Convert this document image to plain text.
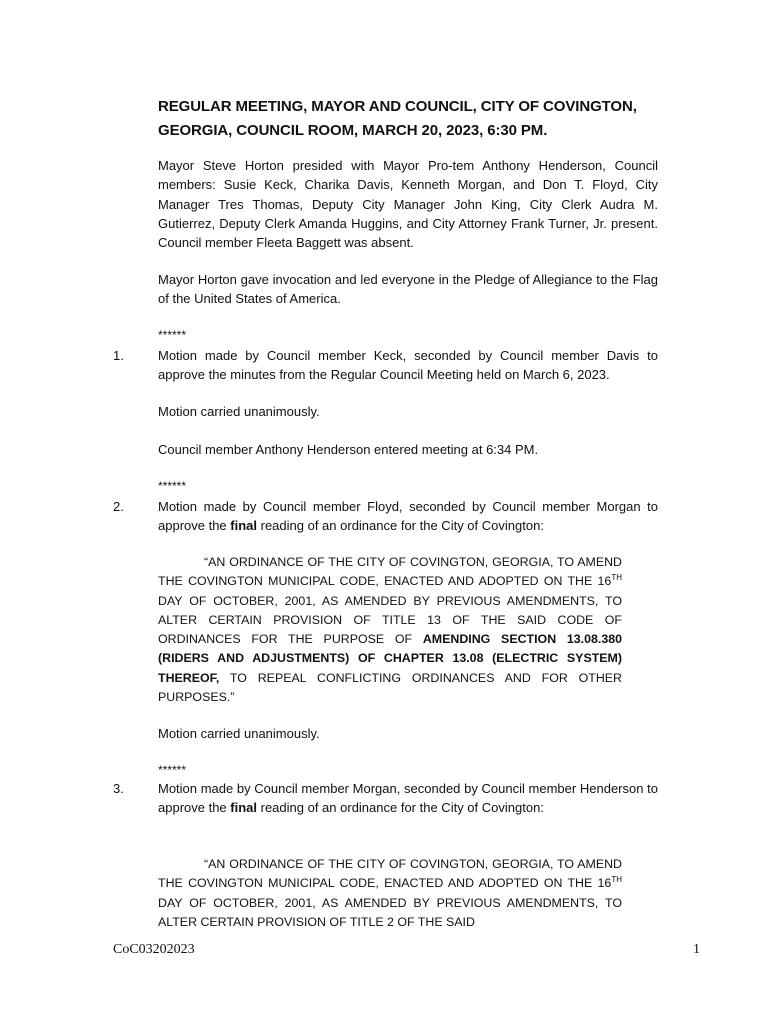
REGULAR MEETING, MAYOR AND COUNCIL, CITY OF COVINGTON, GEORGIA, COUNCIL ROOM, MARCH 20, 2023, 6:30 PM.
Mayor Steve Horton presided with Mayor Pro-tem Anthony Henderson, Council members: Susie Keck, Charika Davis, Kenneth Morgan, and Don T. Floyd, City Manager Tres Thomas, Deputy City Manager John King, City Clerk Audra M. Gutierrez, Deputy Clerk Amanda Huggins, and City Attorney Frank Turner, Jr. present. Council member Fleeta Baggett was absent.
Mayor Horton gave invocation and led everyone in the Pledge of Allegiance to the Flag of the United States of America.
******
1.	Motion made by Council member Keck, seconded by Council member Davis to approve the minutes from the Regular Council Meeting held on March 6, 2023.
Motion carried unanimously.
Council member Anthony Henderson entered meeting at 6:34 PM.
******
2.	Motion made by Council member Floyd, seconded by Council member Morgan to approve the final reading of an ordinance for the City of Covington:
“AN ORDINANCE OF THE CITY OF COVINGTON, GEORGIA, TO AMEND THE COVINGTON MUNICIPAL CODE, ENACTED AND ADOPTED ON THE 16TH DAY OF OCTOBER, 2001, AS AMENDED BY PREVIOUS AMENDMENTS, TO ALTER CERTAIN PROVISION OF TITLE 13 OF THE SAID CODE OF ORDINANCES FOR THE PURPOSE OF AMENDING SECTION 13.08.380 (RIDERS AND ADJUSTMENTS) OF CHAPTER 13.08 (ELECTRIC SYSTEM) THEREOF, TO REPEAL CONFLICTING ORDINANCES AND FOR OTHER PURPOSES.”
Motion carried unanimously.
******
3.	Motion made by Council member Morgan, seconded by Council member Henderson to approve the final reading of an ordinance for the City of Covington:
“AN ORDINANCE OF THE CITY OF COVINGTON, GEORGIA, TO AMEND THE COVINGTON MUNICIPAL CODE, ENACTED AND ADOPTED ON THE 16TH DAY OF OCTOBER, 2001, AS AMENDED BY PREVIOUS AMENDMENTS, TO ALTER CERTAIN PROVISION OF TITLE 2 OF THE SAID
CoC03202023	1
